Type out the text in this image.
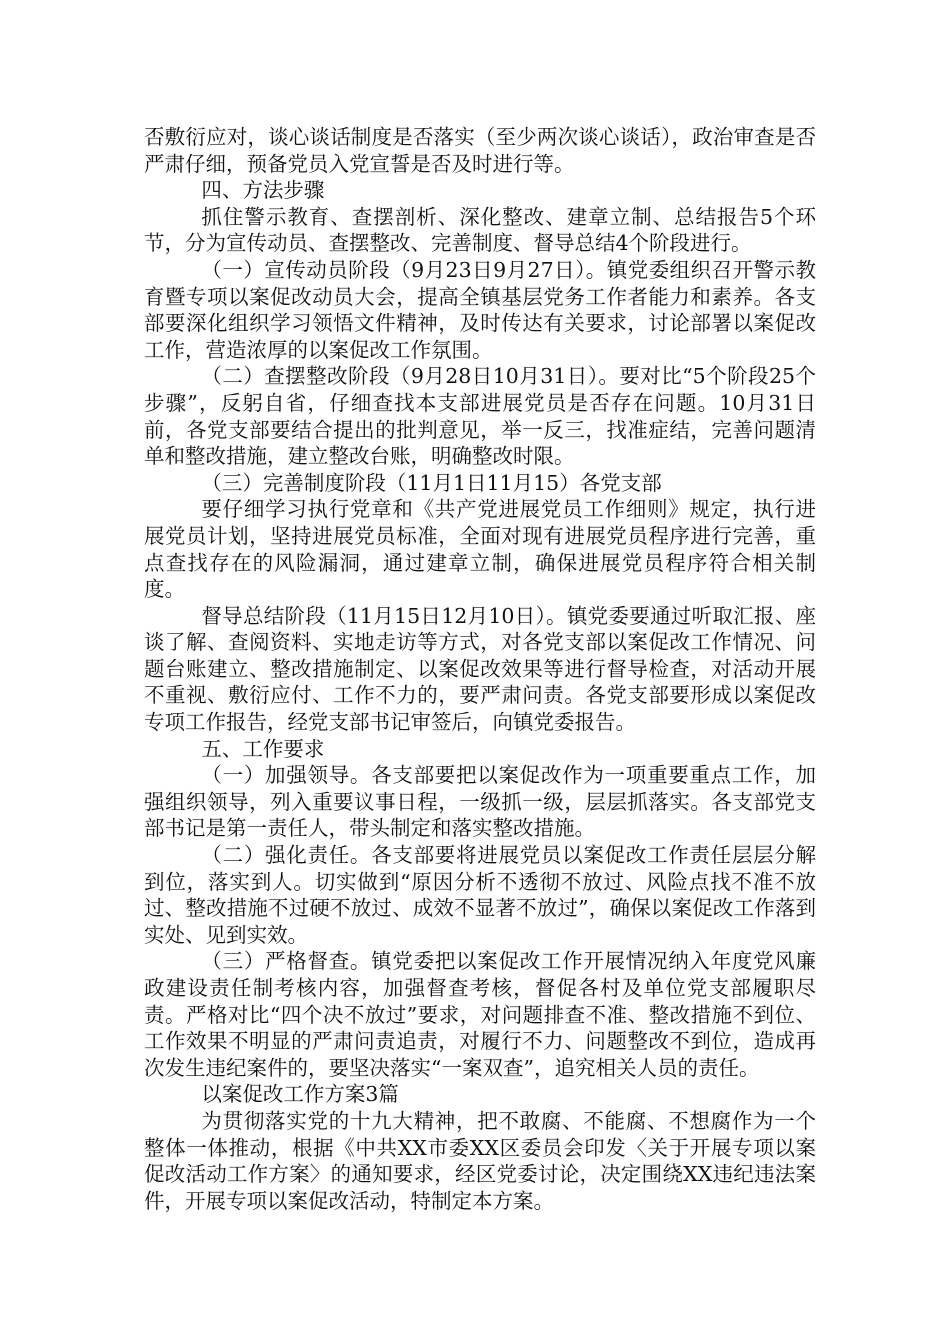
否敷衍应对，谈心谈话制度是否落实（至少两次谈心谈话），政治审查是否严肃仔细，预备党员入党宣誓是否及时进行等。

四、方法步骤

抓住警示教育、查摆剖析、深化整改、建章立制、总结报告5个环节，分为宣传动员、查摆整改、完善制度、督导总结4个阶段进行。

（一）宣传动员阶段（9月23日9月27日）。镇党委组织召开警示教育暨专项以案促改动员大会，提高全镇基层党务工作者能力和素养。各支部要深化组织学习领悟文件精神，及时传达有关要求，讨论部署以案促改工作，营造浓厚的以案促改工作氛围。

（二）查摆整改阶段（9月28日10月31日）。要对比“5个阶段25个步骤”，反躬自省，仔细查找本支部进展党员是否存在问题。10月31日前，各党支部要结合提出的批判意见，举一反三，找准症结，完善问题清单和整改措施，建立整改台账，明确整改时限。

（三）完善制度阶段（11月1日11月15）各党支部

要仔细学习执行党章和《共产党进展党员工作细则》规定，执行进展党员计划，坚持进展党员标准，全面对现有进展党员程序进行完善，重点查找存在的风险漏洞，通过建章立制，确保进展党员程序符合相关制度。

督导总结阶段（11月15日12月10日）。镇党委要通过听取汇报、座谈了解、查阅资料、实地走访等方式，对各党支部以案促改工作情况、问题台账建立、整改措施制定、以案促改效果等进行督导检查，对活动开展不重视、敷衍应付、工作不力的，要严肃问责。各党支部要形成以案促改专项工作报告，经党支部书记审签后，向镇党委报告。

五、工作要求

（一）加强领导。各支部要把以案促改作为一项重要重点工作，加强组织领导，列入重要议事日程，一级抓一级，层层抓落实。各支部党支部书记是第一责任人，带头制定和落实整改措施。

（二）强化责任。各支部要将进展党员以案促改工作责任层层分解到位，落实到人。切实做到“原因分析不透彻不放过、风险点找不准不放过、整改措施不过硬不放过、成效不显著不放过”，确保以案促改工作落到实处、见到实效。

（三）严格督查。镇党委把以案促改工作开展情况纳入年度党风廉政建设责任制考核内容，加强督查考核，督促各村及单位党支部履职尽责。严格对比“四个决不放过”要求，对问题排查不准、整改措施不到位、工作效果不明显的严肃问责追责，对履行不力、问题整改不到位，造成再次发生违纪案件的，要坚决落实“一案双查”，追究相关人员的责任。

以案促改工作方案3篇

为贯彻落实党的十九大精神，把不敢腐、不能腐、不想腐作为一个整体一体推动，根据《中共XX市委XX区委员会印发〈关于开展专项以案促改活动工作方案〉的通知要求，经区党委讨论，决定围绕XX违纪违法案件，开展专项以案促改活动，特制定本方案。
